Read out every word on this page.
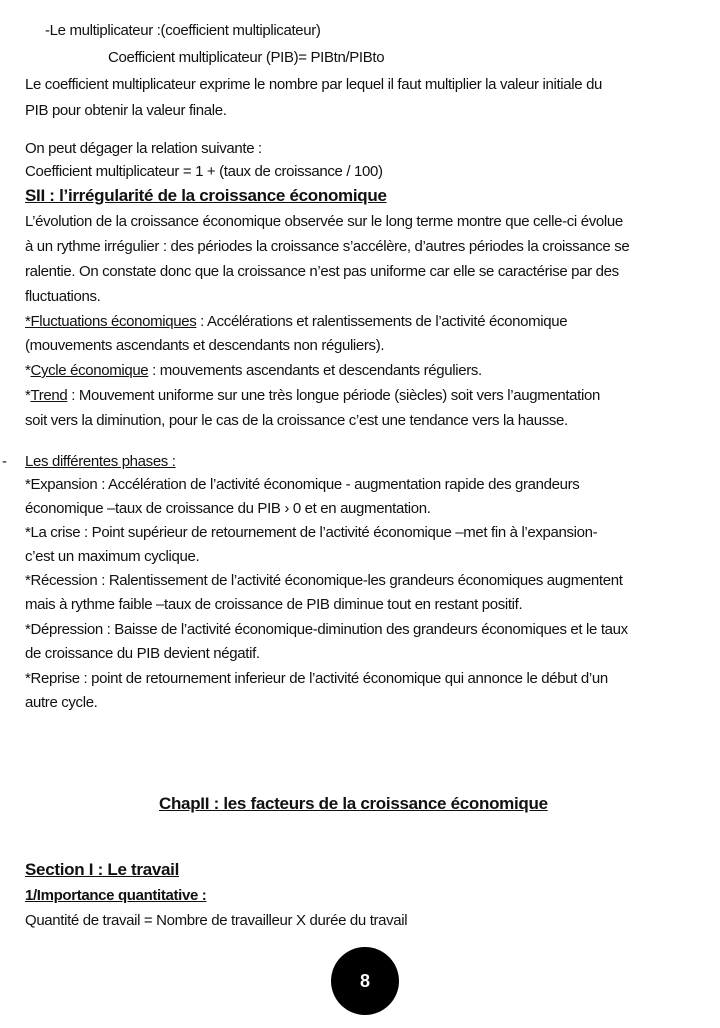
-Le multiplicateur :(coefficient multiplicateur)
Coefficient multiplicateur (PIB)= PIBtn/PIBto
Le coefficient multiplicateur exprime le nombre par lequel il faut multiplier la valeur initiale du
PIB pour obtenir la valeur finale.
On peut dégager la relation suivante :
Coefficient multiplicateur = 1 + (taux de croissance / 100)
SII : l’irrégularité de la croissance économique
L’évolution de la croissance économique observée sur le long terme montre que celle-ci évolue
à un rythme irrégulier : des périodes la croissance s’accélère, d’autres périodes la croissance se
ralentie. On constate donc que la croissance n’est pas uniforme car elle se caractérise par des
fluctuations.
*Fluctuations économiques : Accélérations et ralentissements de l’activité économique
(mouvements ascendants et descendants non réguliers).
*Cycle économique : mouvements ascendants et descendants réguliers.
*Trend : Mouvement uniforme sur une très longue période (siècles) soit vers l’augmentation
soit vers la diminution, pour le cas de la croissance c’est une tendance vers la hausse.
- Les différentes phases :
*Expansion : Accélération de l’activité économique - augmentation rapide des grandeurs
économique –taux de croissance du PIB › 0 et en augmentation.
*La crise : Point supérieur de retournement de l’activité économique –met fin à l’expansion-
c’est un maximum cyclique.
*Récession : Ralentissement de l’activité économique-les grandeurs économiques augmentent
mais à rythme faible –taux de croissance de PIB diminue tout en restant positif.
*Dépression : Baisse de l’activité économique-diminution des grandeurs économiques et le taux
de croissance du PIB devient négatif.
*Reprise : point de retournement inferieur de l’activité économique qui annonce le début d’un
autre cycle.
ChapII : les facteurs de la croissance économique
Section I : Le travail
1/Importance quantitative :
Quantité de travail = Nombre de travailleur X durée du travail
8
